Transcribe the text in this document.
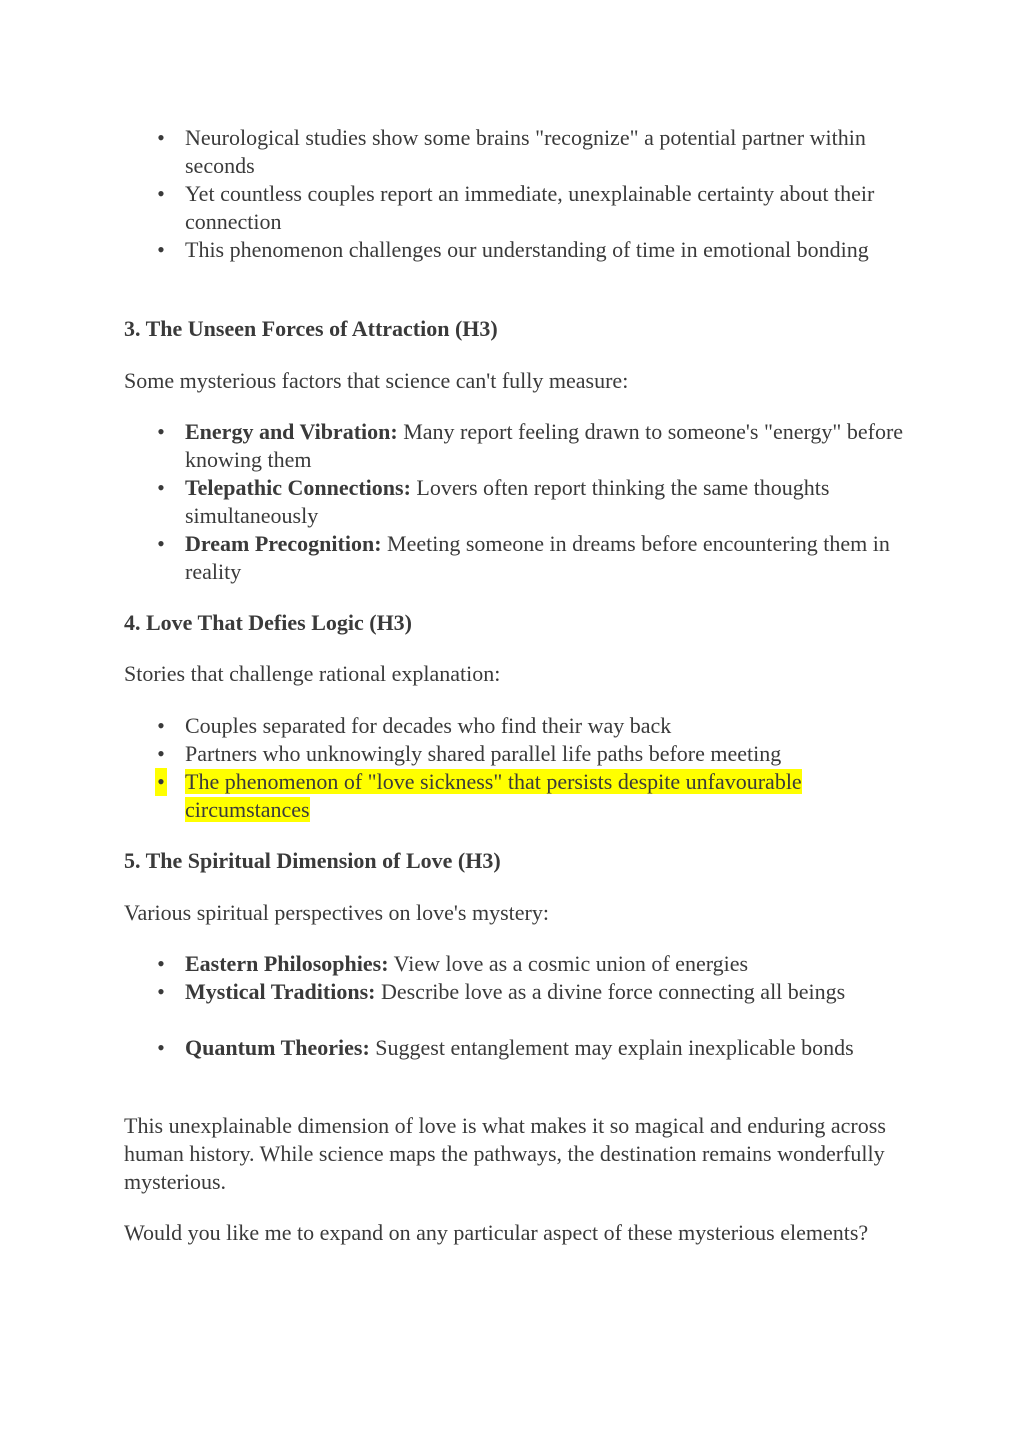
• Neurological studies show some brains "recognize" a potential partner within seconds
• Yet countless couples report an immediate, unexplainable certainty about their connection
• This phenomenon challenges our understanding of time in emotional bonding
3. The Unseen Forces of Attraction (H3)
Some mysterious factors that science can't fully measure:
• Energy and Vibration: Many report feeling drawn to someone's "energy" before knowing them
• Telepathic Connections: Lovers often report thinking the same thoughts simultaneously
• Dream Precognition: Meeting someone in dreams before encountering them in reality
4. Love That Defies Logic (H3)
Stories that challenge rational explanation:
• Couples separated for decades who find their way back
• Partners who unknowingly shared parallel life paths before meeting
• The phenomenon of "love sickness" that persists despite unfavourable circumstances
5. The Spiritual Dimension of Love (H3)
Various spiritual perspectives on love's mystery:
• Eastern Philosophies: View love as a cosmic union of energies
• Mystical Traditions: Describe love as a divine force connecting all beings
• Quantum Theories: Suggest entanglement may explain inexplicable bonds
This unexplainable dimension of love is what makes it so magical and enduring across human history. While science maps the pathways, the destination remains wonderfully mysterious.
Would you like me to expand on any particular aspect of these mysterious elements?
